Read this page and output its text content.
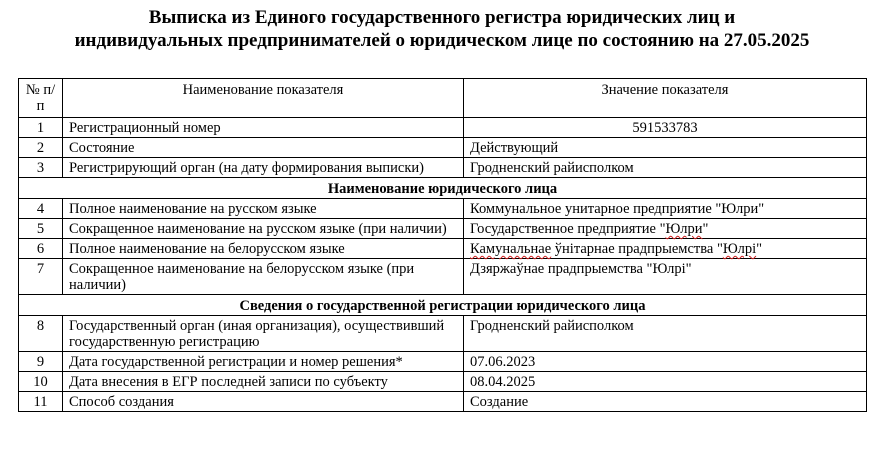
Выписка из Единого государственного регистра юридических лиц и
индивидуальных предпринимателей о юридическом лице по состоянию на 27.05.2025
№ п/п	Наименование показателя	Значение показателя
1	Регистрационный номер	591533783
2	Состояние	Действующий
3	Регистрирующий орган (на дату формирования выписки)	Гродненский райисполком
Наименование юридического лица		
4	Полное наименование на русском языке	Коммунальное унитарное предприятие "Юлри"
5	Сокращенное наименование на русском языке (при наличии)	Государственное предприятие "Юлри"
6	Полное наименование на белорусском языке	Камунальнае ўнітарнае прадпрыемства "Юлрі"
7	Сокращенное наименование на белорусском языке (при наличии)	Дзяржаўнае прадпрыемства "Юлрі"
Сведения о государственной регистрации юридического лица		
8	Государственный орган (иная организация), осуществивший государственную регистрацию	Гродненский райисполком
9	Дата государственной регистрации и номер решения*	07.06.2023
10	Дата внесения в ЕГР последней записи по субъекту	08.04.2025
11	Способ создания	Создание
